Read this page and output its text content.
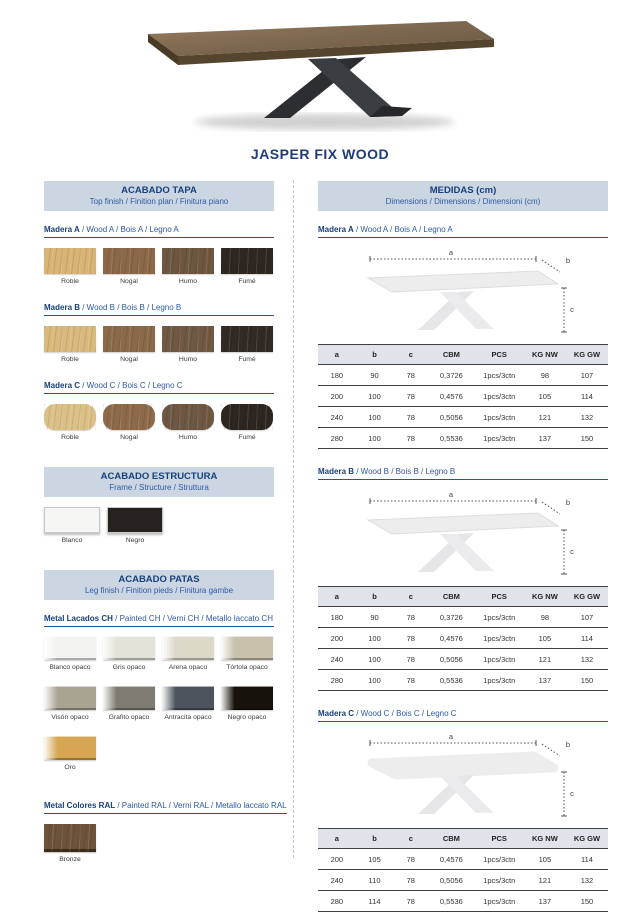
JASPER FIX WOOD
ACABADO TAPA
Top finish / Finition plan / Finitura piano
Madera A / Wood A / Bois A / Legno A
Roble	Nogal	Humo	Fumé
Madera B / Wood B / Bois B / Legno B
Roble	Nogal	Humo	Fumé
Madera C / Wood C / Bois C / Legno C
Roble	Nogal	Humo	Fumé
ACABADO ESTRUCTURA
Frame / Structure / Struttura
Blanco	Negro
ACABADO PATAS
Leg finish / Finition pieds / Finitura gambe
Metal Lacados CH / Painted CH / Verni CH / Metallo laccato CH
Blanco opaco	Gris opaco	Arena opaco	Tórtola opaco
Visón opaco	Grafito opaco	Antracita opaco	Negro opaco
Oro
Metal Colores RAL / Painted RAL / Verni RAL / Metallo laccato RAL
Bronze
MEDIDAS (cm)
Dimensions / Dimensions / Dimensioni (cm)
Madera A / Wood A / Bois A / Legno A
a
b
c
a	b	c	CBM	PCS	KG NW	KG GW
180	90	78	0,3726	1pcs/3ctn	98	107
200	100	78	0,4576	1pcs/3ctn	105	114
240	100	78	0,5056	1pcs/3ctn	121	132
280	100	78	0,5536	1pcs/3ctn	137	150
Madera B / Wood B / Bois B / Legno B
a
b
c
a	b	c	CBM	PCS	KG NW	KG GW
180	90	78	0,3726	1pcs/3ctn	98	107
200	100	78	0,4576	1pcs/3ctn	105	114
240	100	78	0,5056	1pcs/3ctn	121	132
280	100	78	0,5536	1pcs/3ctn	137	150
Madera C / Wood C / Bois C / Legno C
a
b
c
a	b	c	CBM	PCS	KG NW	KG GW
200	105	78	0,4576	1pcs/3ctn	105	114
240	110	78	0,5056	1pcs/3ctn	121	132
280	114	78	0,5536	1pcs/3ctn	137	150
